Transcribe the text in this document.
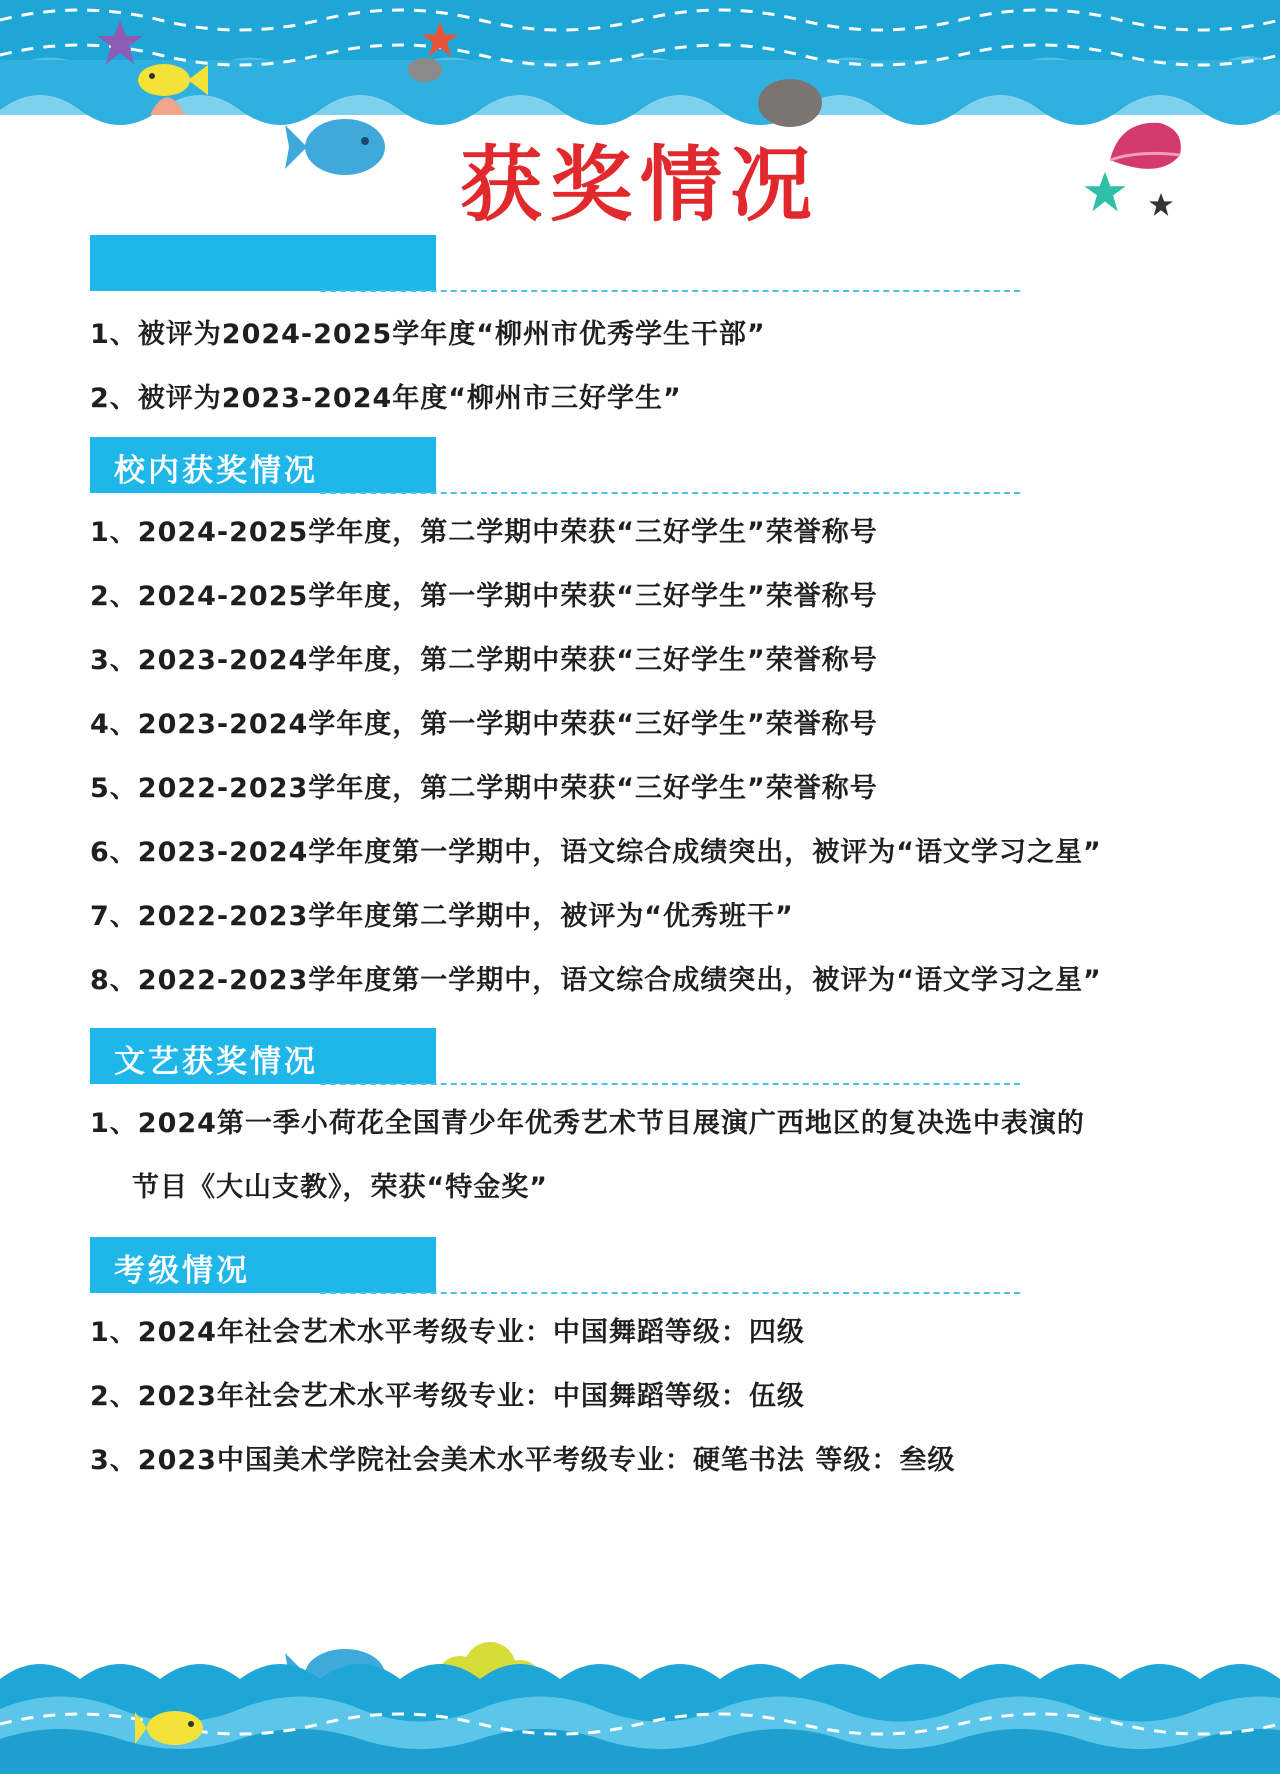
获奖情况
1、被评为2024-2025学年度“柳州市优秀学生干部”
2、被评为2023-2024年度“柳州市三好学生”
校内获奖情况
1、2024-2025学年度，第二学期中荣获“三好学生”荣誉称号
2、2024-2025学年度，第一学期中荣获“三好学生”荣誉称号
3、2023-2024学年度，第二学期中荣获“三好学生”荣誉称号
4、2023-2024学年度，第一学期中荣获“三好学生”荣誉称号
5、2022-2023学年度，第二学期中荣获“三好学生”荣誉称号
6、2023-2024学年度第一学期中，语文综合成绩突出，被评为“语文学习之星”
7、2022-2023学年度第二学期中，被评为“优秀班干”
8、2022-2023学年度第一学期中，语文综合成绩突出，被评为“语文学习之星”
文艺获奖情况
1、2024第一季小荷花全国青少年优秀艺术节目展演广西地区的复决选中表演的
节目《大山支教》，荣获“特金奖”
考级情况
1、2024年社会艺术水平考级专业：中国舞蹈等级：四级
2、2023年社会艺术水平考级专业：中国舞蹈等级：伍级
3、2023中国美术学院社会美术水平考级专业：硬笔书法 等级：叁级
